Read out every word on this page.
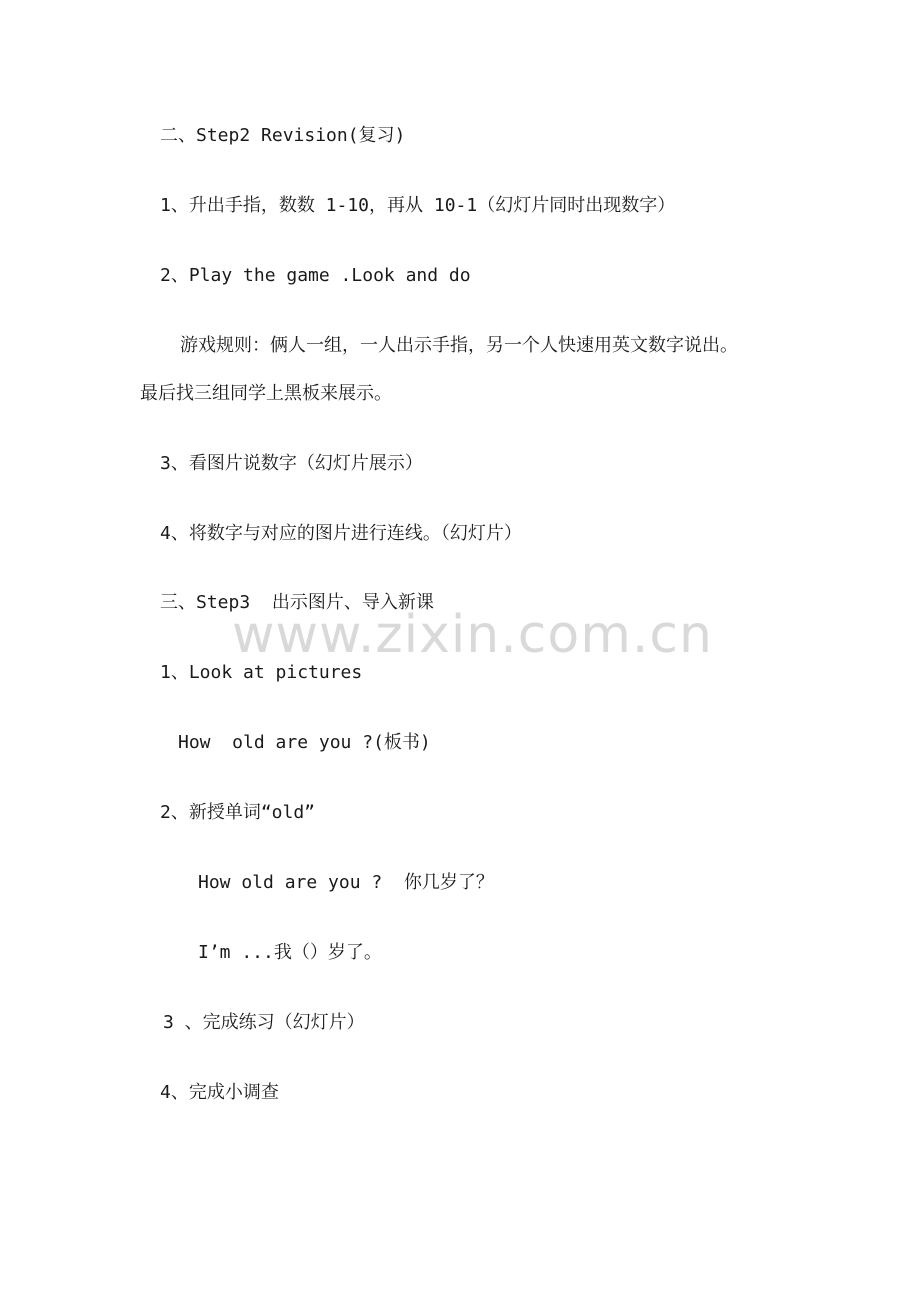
二、Step2 Revision(复习)
1、升出手指，数数 1-10，再从 10-1（幻灯片同时出现数字）
2、Play the game .Look and do
游戏规则：俩人一组，一人出示手指，另一个人快速用英文数字说出。
最后找三组同学上黑板来展示。
3、看图片说数字（幻灯片展示）
4、将数字与对应的图片进行连线。（幻灯片）
三、Step3  出示图片、导入新课
1、Look at pictures
How  old are you ?(板书)
2、新授单词“old”
How old are you ?  你几岁了？
I’m ...我（）岁了。
3 、完成练习（幻灯片）
4、完成小调查
www.zixin.com.cn
